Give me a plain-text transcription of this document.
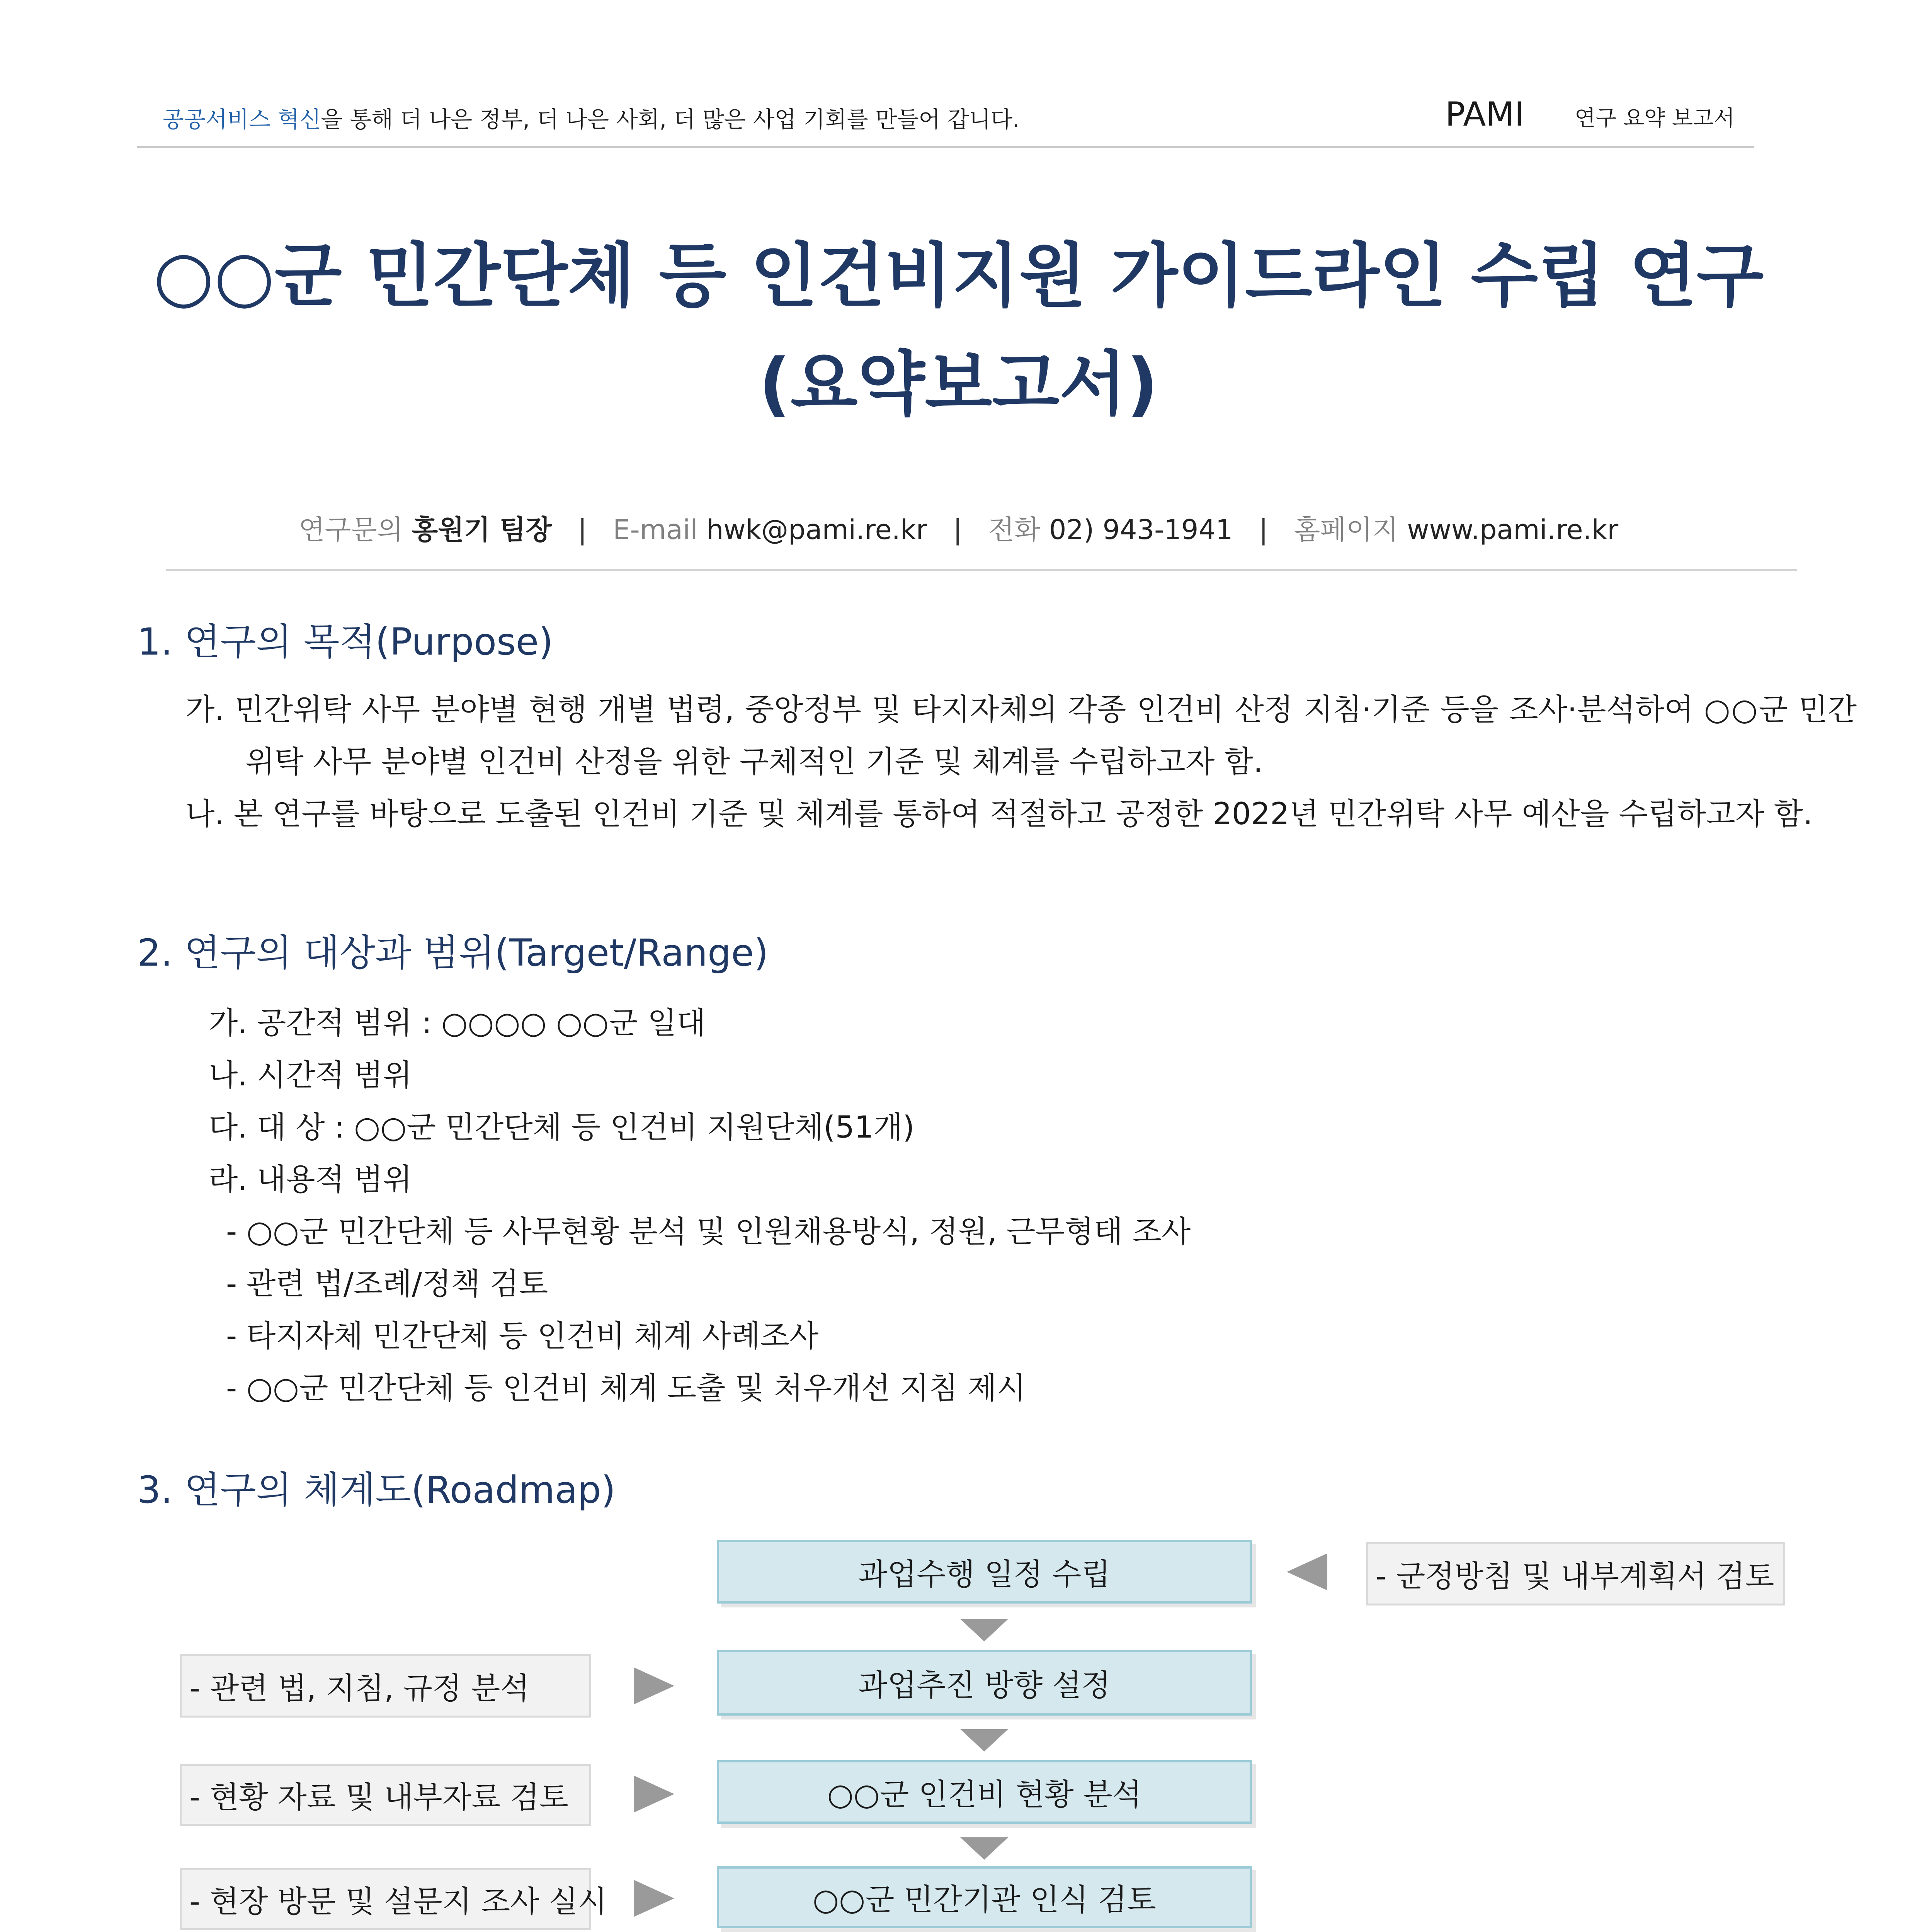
공공서비스 혁신을 통해 더 나은 정부, 더 나은 사회, 더 많은 사업 기회를 만들어 갑니다.	PAMI 연구 요약 보고서
○○군 민간단체 등 인건비지원 가이드라인 수립 연구
(요약보고서)
연구문의 홍원기 팀장 | E-mail hwk@pami.re.kr | 전화 02) 943-1941 | 홈페이지 www.pami.re.kr
1. 연구의 목적(Purpose)
가. 민간위탁 사무 분야별 현행 개별 법령, 중앙정부 및 타지자체의 각종 인건비 산정 지침·기준 등을 조사·분석하여 ○○군 민간위탁 사무 분야별 인건비 산정을 위한 구체적인 기준 및 체계를 수립하고자 함.
나. 본 연구를 바탕으로 도출된 인건비 기준 및 체계를 통하여 적절하고 공정한 2022년 민간위탁 사무 예산을 수립하고자 함.
2. 연구의 대상과 범위(Target/Range)
가. 공간적 범위 : ○○○○ ○○군 일대
나. 시간적 범위
다. 대 상 : ○○군 민간단체 등 인건비 지원단체(51개)
라. 내용적 범위
- ○○군 민간단체 등 사무현황 분석 및 인원채용방식, 정원, 근무형태 조사
- 관련 법/조례/정책 검토
- 타지자체 민간단체 등 인건비 체계 사례조사
- ○○군 민간단체 등 인건비 체계 도출 및 처우개선 지침 제시
3. 연구의 체계도(Roadmap)
과업수행 일정 수립
과업추진 방향 설정
○○군 인건비 현황 분석
○○군 민간기관 인식 검토
- 군정방침 및 내부계획서 검토
- 관련 법, 지침, 규정 분석
- 현황 자료 및 내부자료 검토
- 현장 방문 및 설문지 조사 실시
